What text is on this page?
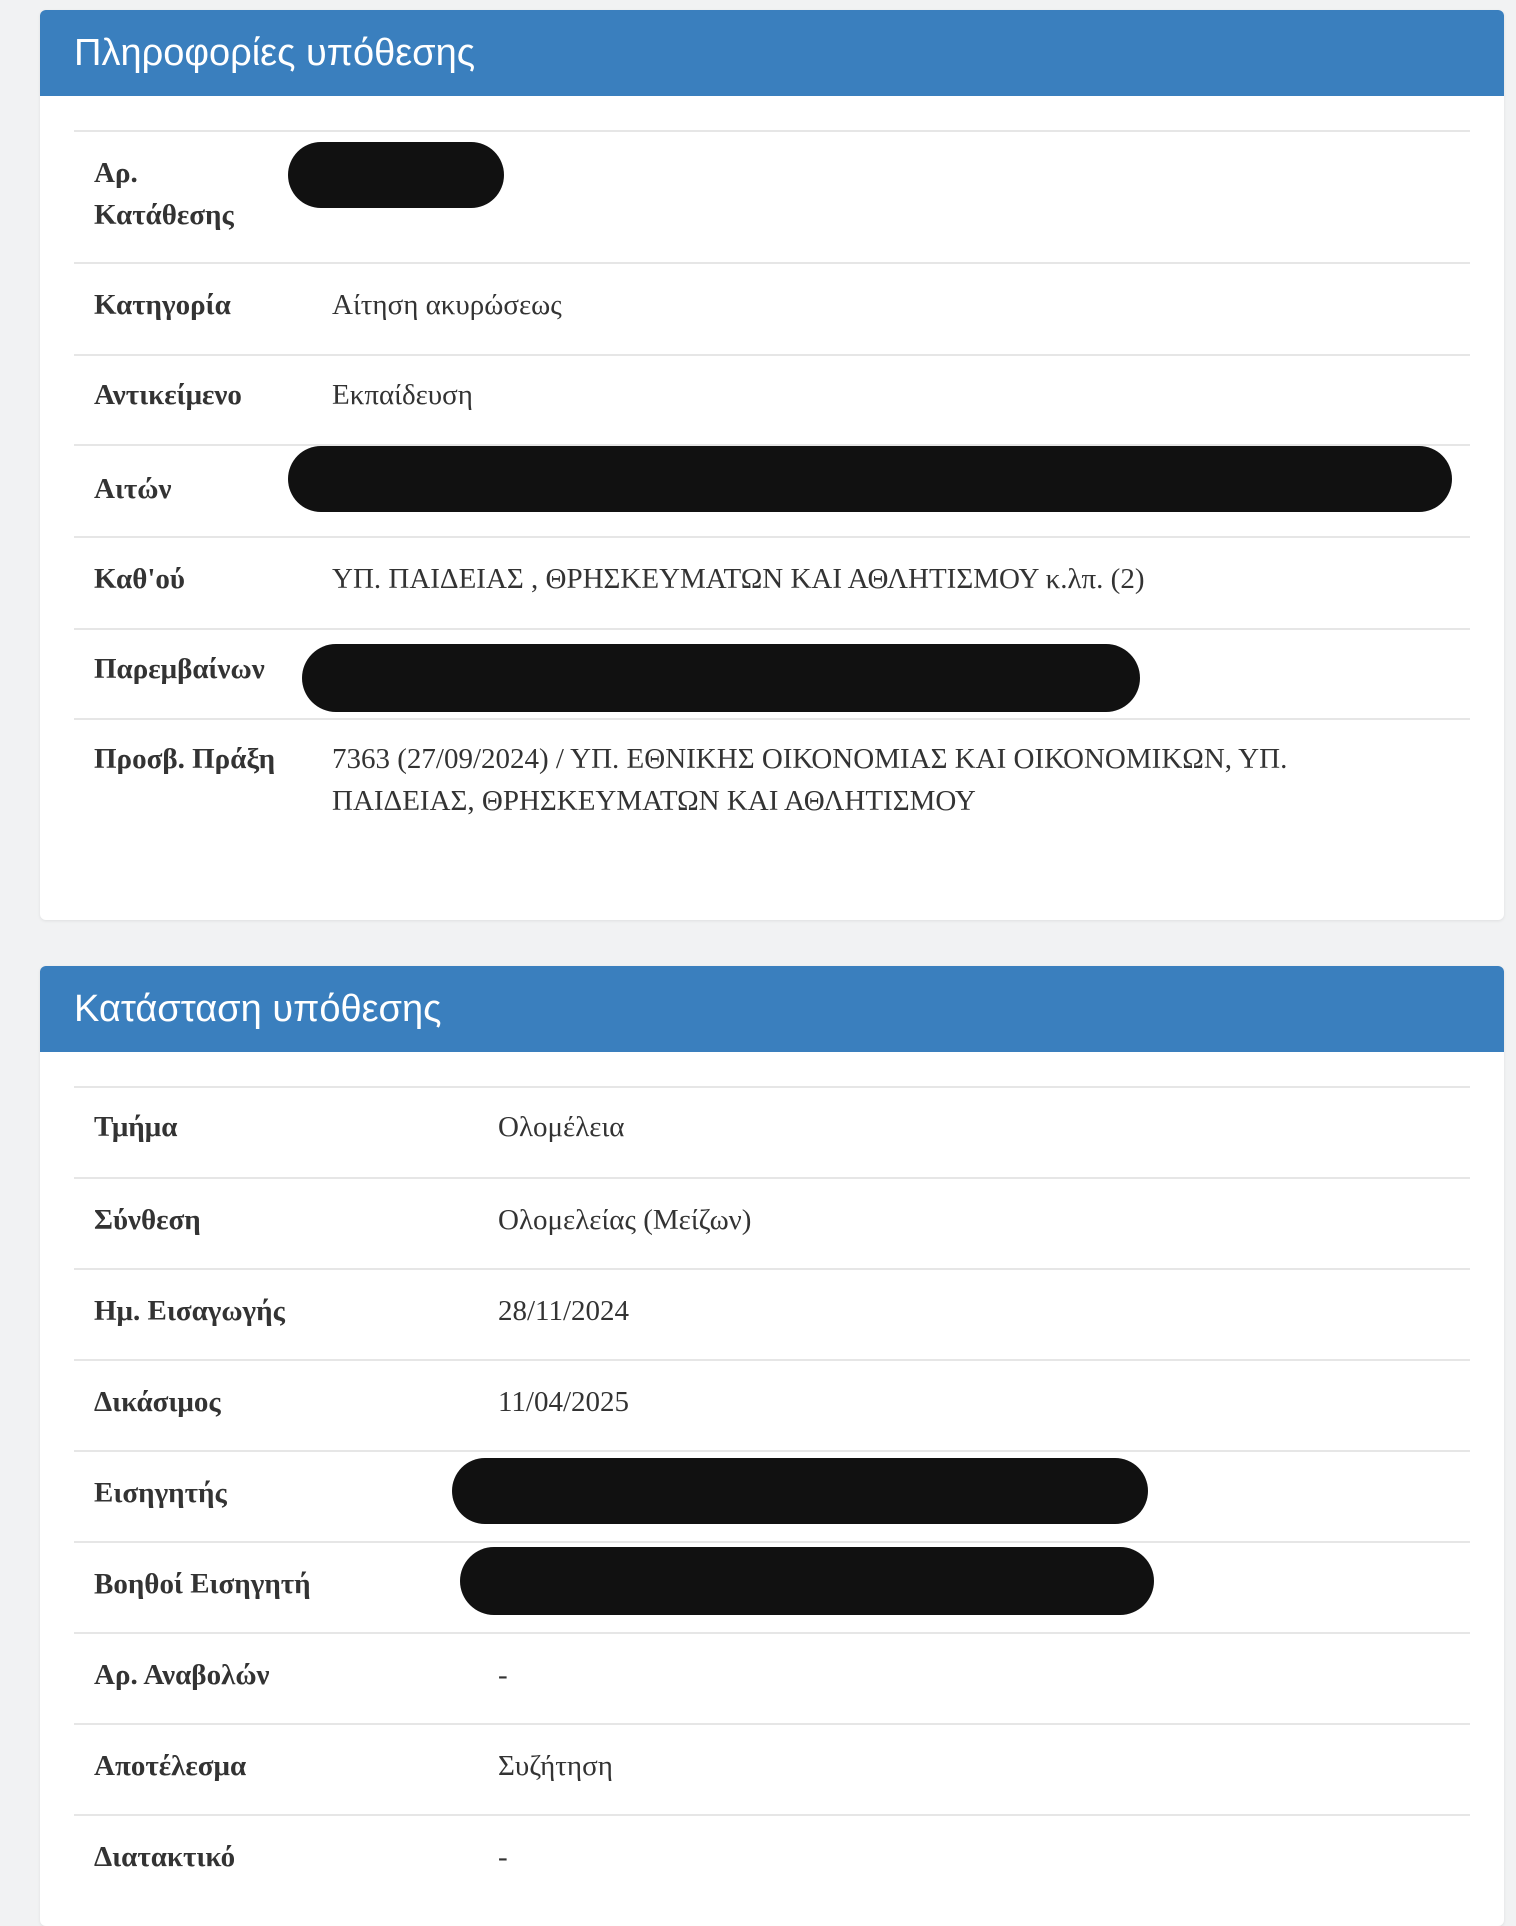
Πληροφορίες υπόθεσης
Αρ. Κατάθεσης
Κατηγορία	Αίτηση ακυρώσεως
Αντικείμενο	Εκπαίδευση
Αιτών
Καθ'ού	ΥΠ. ΠΑΙΔΕΙΑΣ , ΘΡΗΣΚΕΥΜΑΤΩΝ ΚΑΙ ΑΘΛΗΤΙΣΜΟΥ κ.λπ. (2)
Παρεμβαίνων
Προσβ. Πράξη 7363 (27/09/2024) / ΥΠ. ΕΘΝΙΚΗΣ ΟΙΚΟΝΟΜΙΑΣ ΚΑΙ ΟΙΚΟΝΟΜΙΚΩΝ, ΥΠ. ΠΑΙΔΕΙΑΣ, ΘΡΗΣΚΕΥΜΑΤΩΝ ΚΑΙ ΑΘΛΗΤΙΣΜΟΥ
Κατάσταση υπόθεσης
Τμήμα	Ολομέλεια
Σύνθεση	Ολομελείας (Μείζων)
Ημ. Εισαγωγής	28/11/2024
Δικάσιμος	11/04/2025
Εισηγητής
Βοηθοί Εισηγητή
Αρ. Αναβολών	-
Αποτέλεσμα	Συζήτηση
Διατακτικό	-
